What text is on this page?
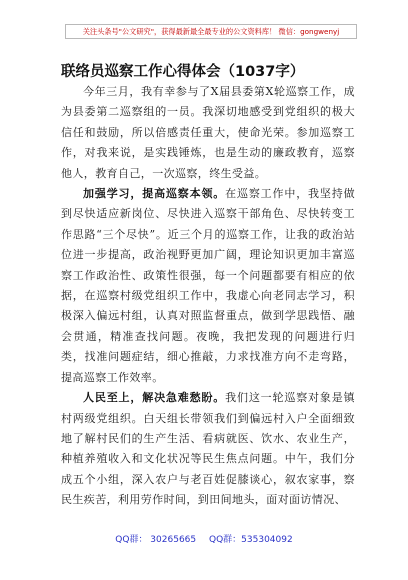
关注头条号"公文研究"，获得最新最全最专业的公文资料库！ 微信：gongwenyj
联络员巡察工作心得体会（1037字）

今年三月，我有幸参与了X届县委第X轮巡察工作，成为县委第二巡察组的一员。我深切地感受到党组织的极大信任和鼓励，所以倍感责任重大，使命光荣。参加巡察工作，对我来说，是实践锤炼，也是生动的廉政教育，巡察他人，教育自己，一次巡察，终生受益。

加强学习，提高巡察本领。在巡察工作中，我坚持做到尽快适应新岗位、尽快进入巡察干部角色、尽快转变工作思路“三个尽快”。近三个月的巡察工作，让我的政治站位进一步提高，政治视野更加广阔，理论知识更加丰富巡察工作政治性、政策性很强，每一个问题都要有相应的依据，在巡察村级党组织工作中，我虚心向老同志学习，积极深入偏远村组，认真对照监督重点，做到学思践悟、融会贯通，精准查找问题。夜晚，我把发现的问题进行归类，找准问题症结，细心推敲，力求找准方向不走弯路，提高巡察工作效率。

人民至上，解决急难愁盼。我们这一轮巡察对象是镇村两级党组织。白天组长带领我们到偏远村入户全面细致地了解村民们的生产生活、看病就医、饮水、农业生产，种植养殖收入和文化状况等民生焦点问题。中午，我们分成五个小组，深入农户与老百姓促膝谈心，叙农家事，察民生疾苦，利用劳作时间，到田间地头，面对面访情况、

QQ群： 30265665 QQ群：535304092
